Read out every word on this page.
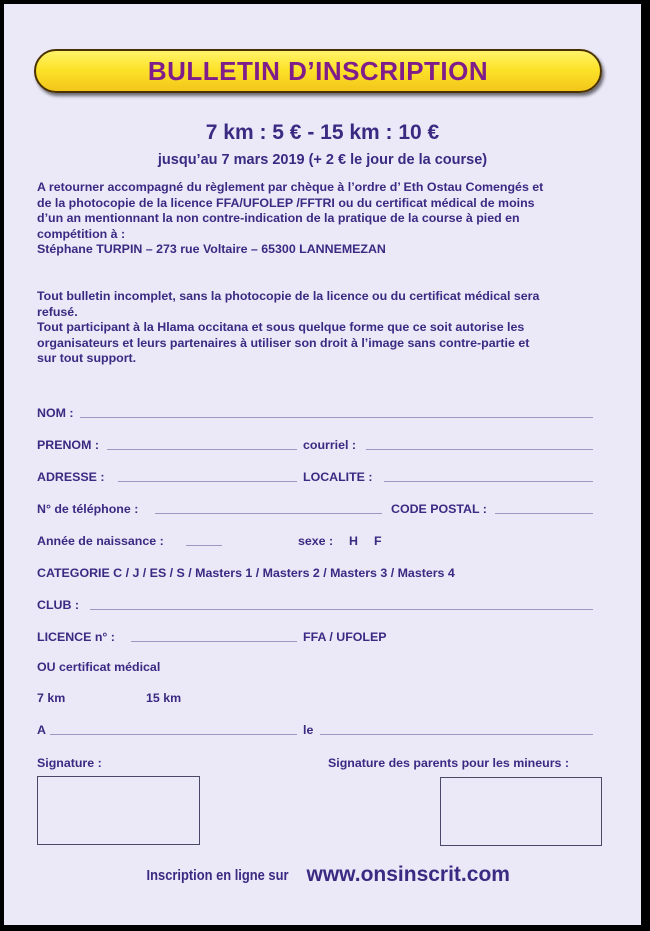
BULLETIN D’INSCRIPTION
7 km : 5 € - 15 km : 10 €
jusqu’au 7 mars 2019 (+ 2 € le jour de la course)
A retourner accompagné du règlement par chèque à l’ordre d’ Eth Ostau Comengés et
de la photocopie de la licence FFA/UFOLEP /FFTRI ou du certificat médical de moins
d’un an mentionnant la non contre-indication de la pratique de la course à pied en
compétition à :
Stéphane TURPIN – 273 rue Voltaire – 65300 LANNEMEZAN
Tout bulletin incomplet, sans la photocopie de la licence ou du certificat médical sera
refusé.
Tout participant à la Hlama occitana et sous quelque forme que ce soit autorise les
organisateurs et leurs partenaires à utiliser son droit à l’image sans contre-partie et
sur tout support.
NOM :
PRENOM :	courriel :
ADRESSE :	LOCALITE :
N° de téléphone :	CODE POSTAL :
Année de naissance :	sexe : H F
CATEGORIE C / J / ES / S / Masters 1 / Masters 2 / Masters 3 / Masters 4
CLUB :
LICENCE n° :	FFA / UFOLEP
OU certificat médical
7 km	15 km
A	le
Signature :	Signature des parents pour les mineurs :
Inscription en ligne sur www.onsinscrit.com
